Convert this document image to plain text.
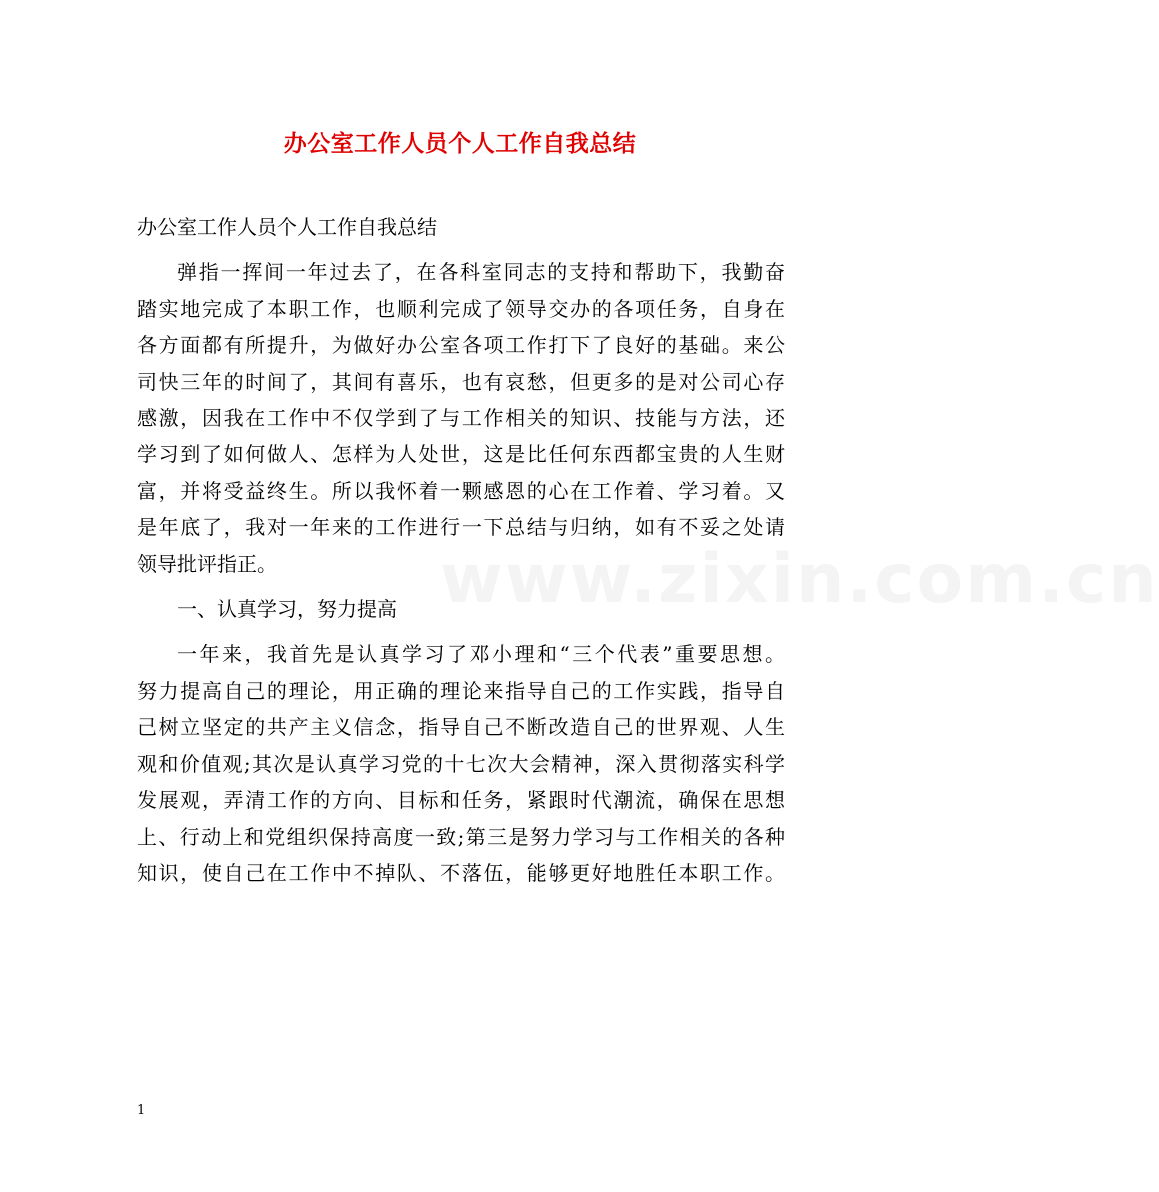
办公室工作人员个人工作自我总结

办公室工作人员个人工作自我总结

弹指一挥间一年过去了，在各科室同志的支持和帮助下，我勤奋
踏实地完成了本职工作，也顺利完成了领导交办的各项任务，自身在
各方面都有所提升，为做好办公室各项工作打下了良好的基础。来公
司快三年的时间了，其间有喜乐，也有哀愁，但更多的是对公司心存
感激，因我在工作中不仅学到了与工作相关的知识、技能与方法，还
学习到了如何做人、怎样为人处世，这是比任何东西都宝贵的人生财
富，并将受益终生。所以我怀着一颗感恩的心在工作着、学习着。又
是年底了，我对一年来的工作进行一下总结与归纳，如有不妥之处请
领导批评指正。

一、认真学习，努力提高

一年来，我首先是认真学习了邓小理和“三个代表”重要思想。
努力提高自己的理论，用正确的理论来指导自己的工作实践，指导自
己树立坚定的共产主义信念，指导自己不断改造自己的世界观、人生
观和价值观;其次是认真学习党的十七次大会精神，深入贯彻落实科学
发展观，弄清工作的方向、目标和任务，紧跟时代潮流，确保在思想
上、行动上和党组织保持高度一致;第三是努力学习与工作相关的各种
知识，使自己在工作中不掉队、不落伍，能够更好地胜任本职工作。

www.zixin.com.cn
1
